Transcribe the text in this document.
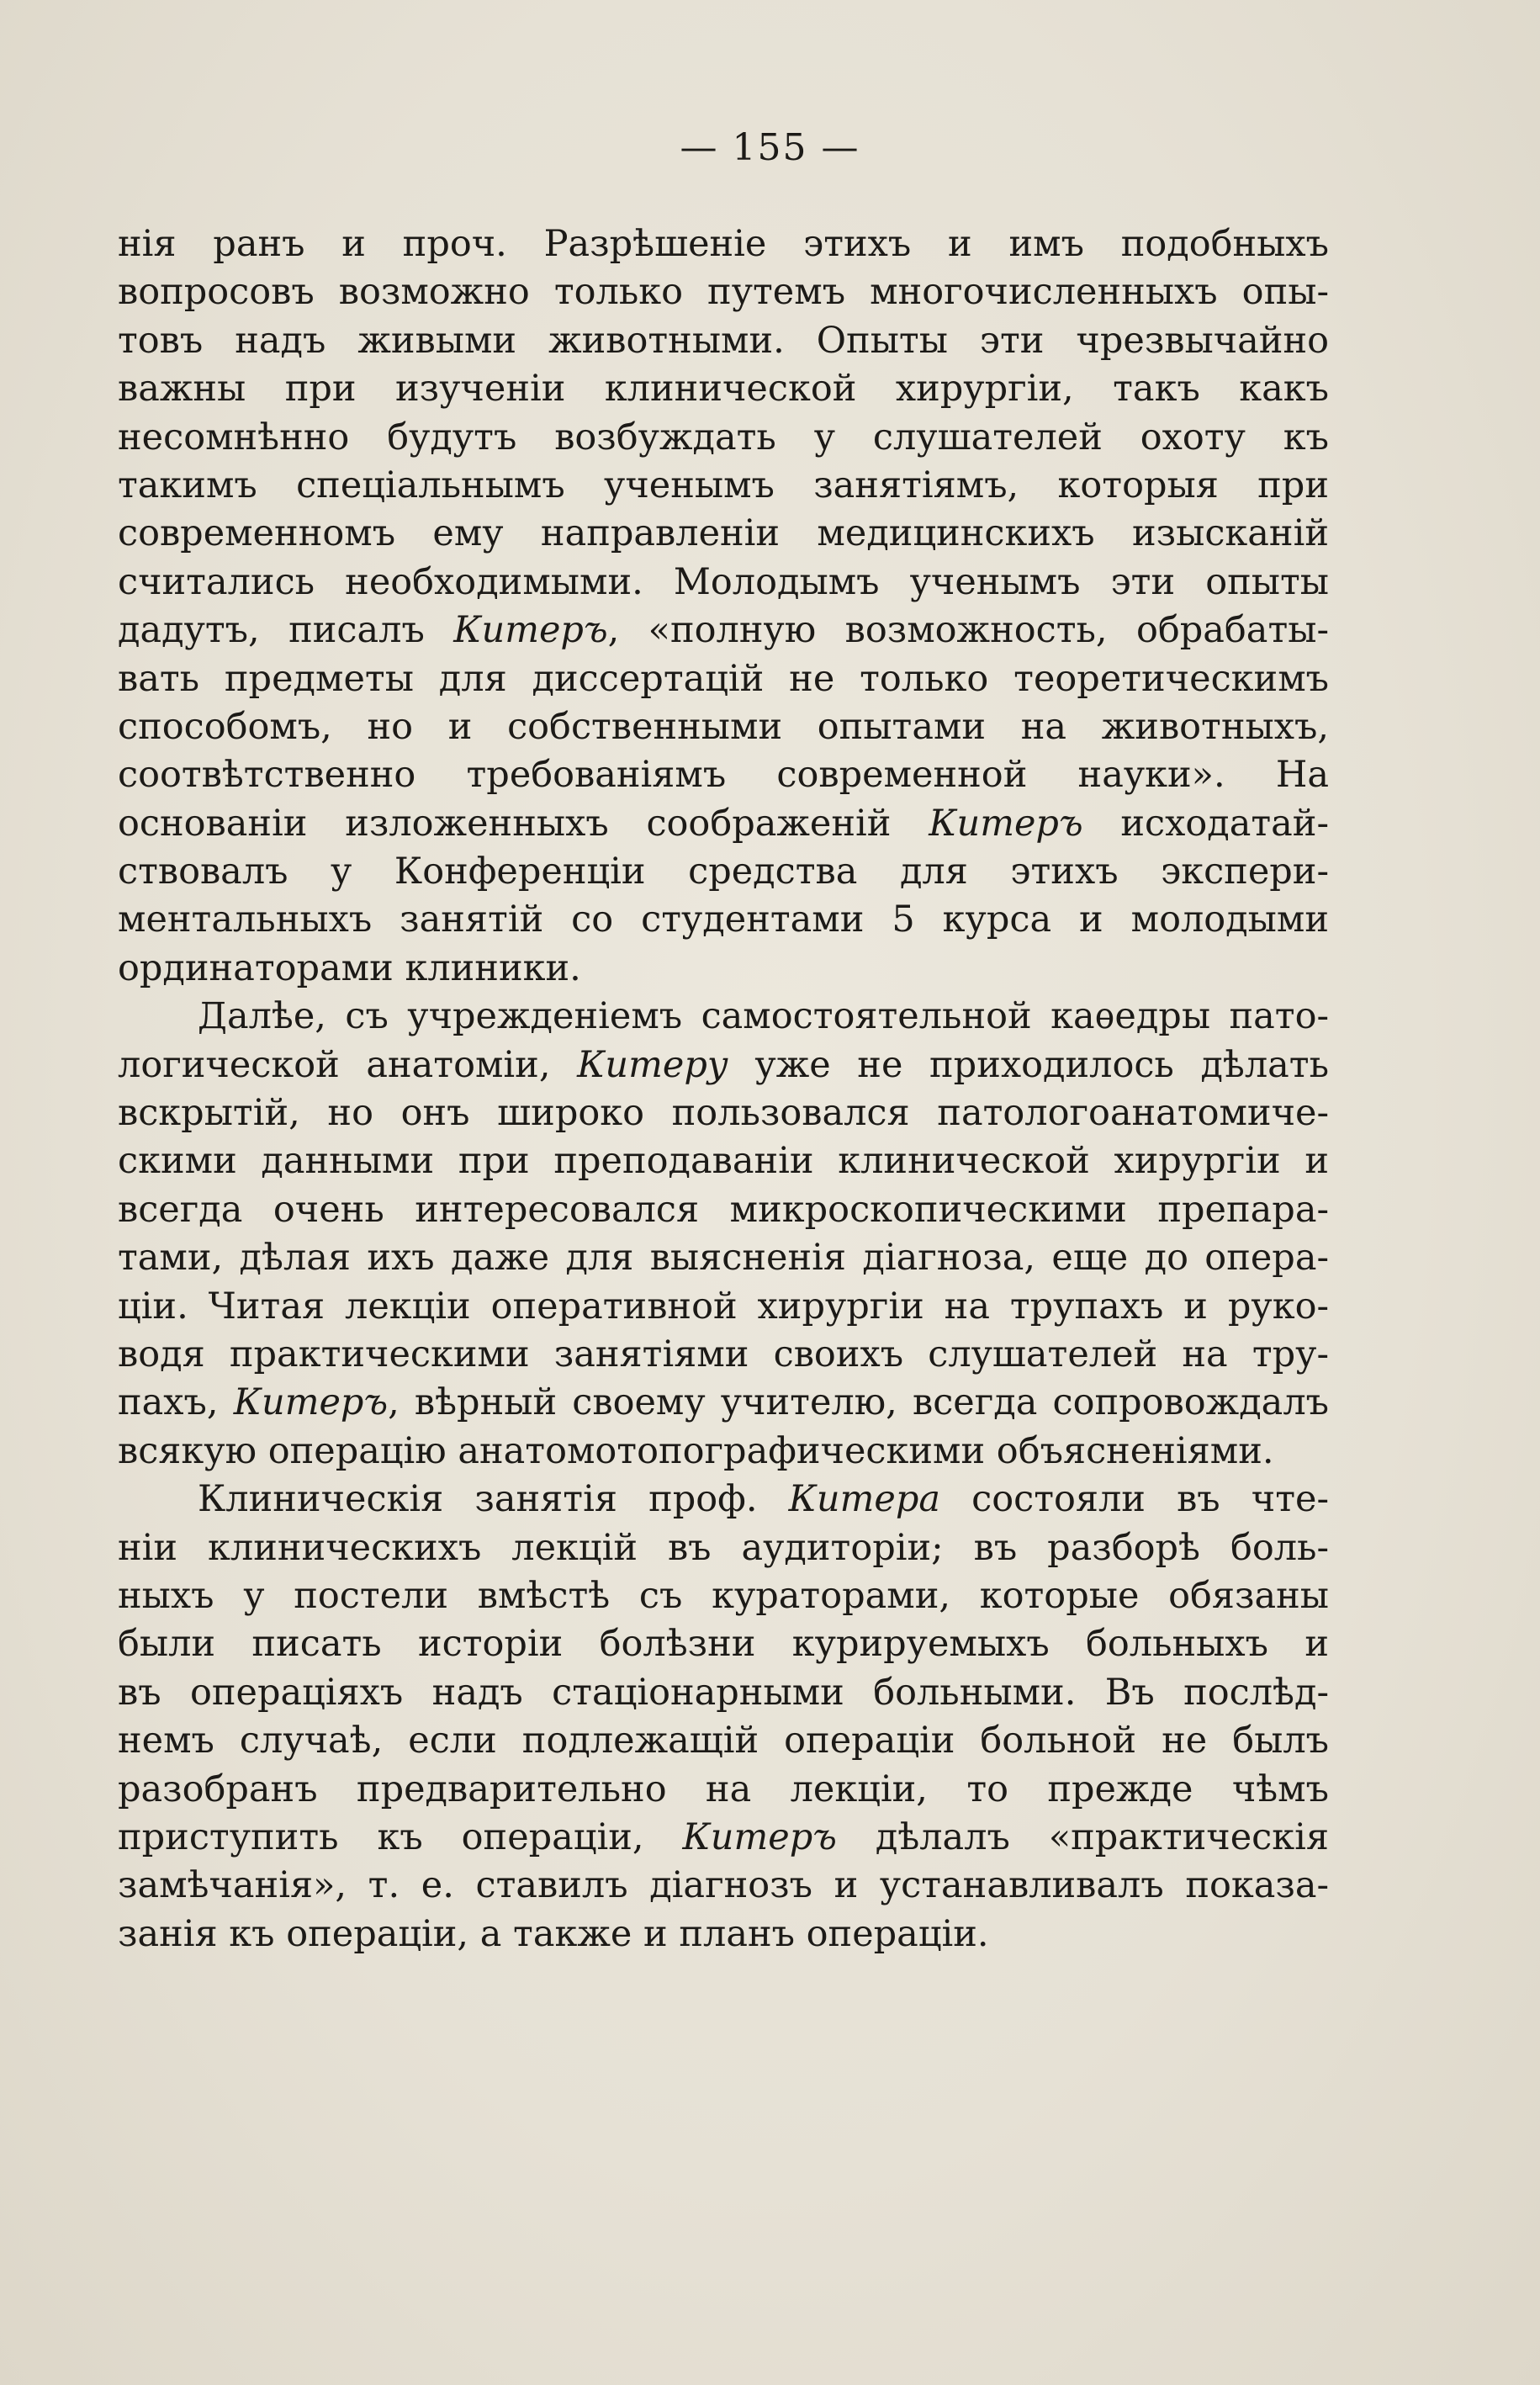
— 155 —
нія ранъ и проч. Разрѣшеніе этихъ и имъ подобныхъ
вопросовъ возможно только путемъ многочисленныхъ опы-
товъ надъ живыми животными. Опыты эти чрезвычайно
важны при изученіи клинической хирургіи, такъ какъ
несомнѣнно будутъ возбуждать у слушателей охоту къ
такимъ спеціальнымъ ученымъ занятіямъ, которыя при
современномъ ему направленіи медицинскихъ изысканій
считались необходимыми. Молодымъ ученымъ эти опыты
дадутъ, писалъ Китеръ, «полную возможность, обрабаты-
вать предметы для диссертацій не только теоретическимъ
способомъ, но и собственными опытами на животныхъ,
соотвѣтственно требованіямъ современной науки». На
основаніи изложенныхъ соображеній Китеръ исходатай-
ствовалъ у Конференціи средства для этихъ экспери-
ментальныхъ занятій со студентами 5 курса и молодыми
ординаторами клиники.
Далѣе, съ учрежденіемъ самостоятельной каѳедры пато-
логической анатоміи, Китеру уже не приходилось дѣлать
вскрытій, но онъ широко пользовался патологоанатомиче-
скими данными при преподаваніи клинической хирургіи и
всегда очень интересовался микроскопическими препара-
тами, дѣлая ихъ даже для выясненія діагноза, еще до опера-
ціи. Читая лекціи оперативной хирургіи на трупахъ и руко-
водя практическими занятіями своихъ слушателей на тру-
пахъ, Китеръ, вѣрный своему учителю, всегда сопровождалъ
всякую операцію анатомотопографическими объясненіями.
Клиническія занятія проф. Китера состояли въ чте-
ніи клиническихъ лекцій въ аудиторіи; въ разборѣ боль-
ныхъ у постели вмѣстѣ съ кураторами, которые обязаны
были писать исторіи болѣзни курируемыхъ больныхъ и
въ операціяхъ надъ стаціонарными больными. Въ послѣд-
немъ случаѣ, если подлежащій операціи больной не былъ
разобранъ предварительно на лекціи, то прежде чѣмъ
приступить къ операціи, Китеръ дѣлалъ «практическія
замѣчанія», т. е. ставилъ діагнозъ и устанавливалъ показа-
занія къ операціи, а также и планъ операціи.
